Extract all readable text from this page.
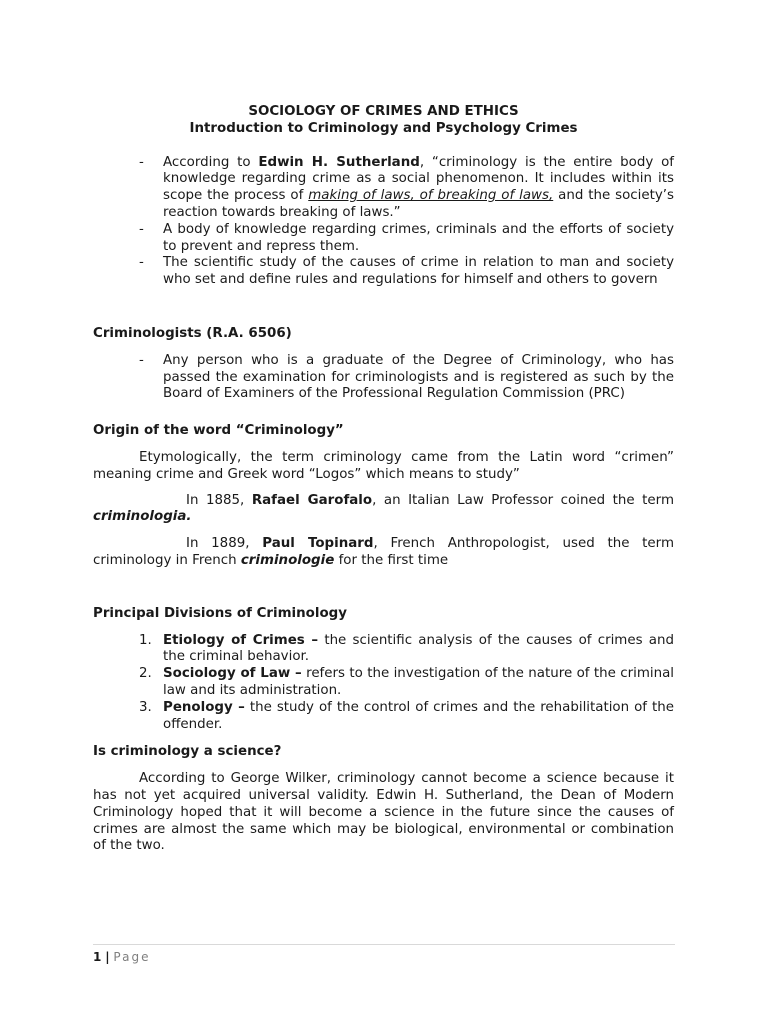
SOCIOLOGY OF CRIMES AND ETHICS
Introduction to Criminology and Psychology Crimes
- According to Edwin H. Sutherland, “criminology is the entire body of knowledge regarding crime as a social phenomenon. It includes within its scope the process of making of laws, of breaking of laws, and the society’s reaction towards breaking of laws.”
- A body of knowledge regarding crimes, criminals and the efforts of society to prevent and repress them.
- The scientific study of the causes of crime in relation to man and society who set and define rules and regulations for himself and others to govern
Criminologists (R.A. 6506)
- Any person who is a graduate of the Degree of Criminology, who has passed the examination for criminologists and is registered as such by the Board of Examiners of the Professional Regulation Commission (PRC)
Origin of the word “Criminology”

Etymologically, the term criminology came from the Latin word “crimen” meaning crime and Greek word “Logos” which means to study”

In 1885, Rafael Garofalo, an Italian Law Professor coined the term criminologia.

In 1889, Paul Topinard, French Anthropologist, used the term criminology in French criminologie for the first time

Principal Divisions of Criminology
1. Etiology of Crimes – the scientific analysis of the causes of crimes and the criminal behavior.
2. Sociology of Law – refers to the investigation of the nature of the criminal law and its administration.
3. Penology – the study of the control of crimes and the rehabilitation of the offender.
Is criminology a science?

According to George Wilker, criminology cannot become a science because it has not yet acquired universal validity. Edwin H. Sutherland, the Dean of Modern Criminology hoped that it will become a science in the future since the causes of crimes are almost the same which may be biological, environmental or combination of the two.

1 | Page
